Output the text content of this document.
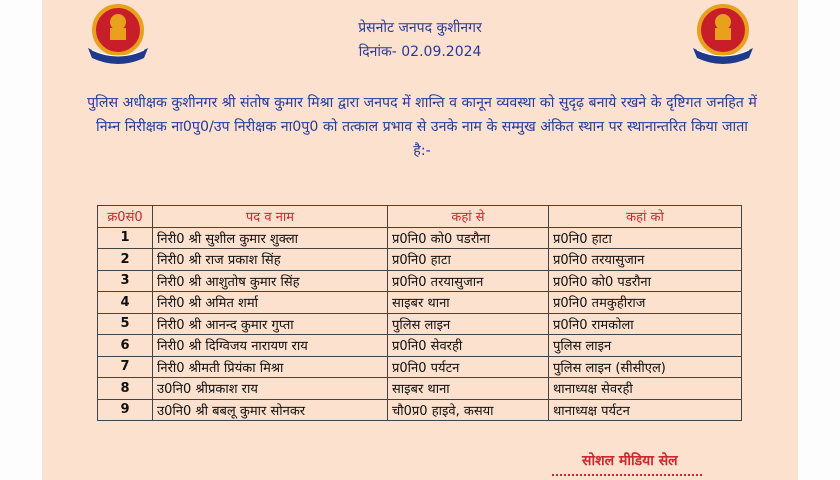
प्रेसनोट जनपद कुशीनगर
दिनांक- 02.09.2024
पुलिस अधीक्षक कुशीनगर श्री संतोष कुमार मिश्रा द्वारा जनपद में शान्ति व कानून व्यवस्था को सुदृढ़ बनाये रखने के दृष्टिगत जनहित में निम्न निरीक्षक ना0पु0/उप निरीक्षक ना0पु0 को तत्काल प्रभाव से उनके नाम के सम्मुख अंकित स्थान पर स्थानान्तरित किया जाता है:-
क्र0सं0	पद व नाम	कहां से	कहां को
1	निरी0 श्री सुशील कुमार शुक्ला	प्र0नि0 को0 पडरौना	प्र0नि0 हाटा
2	निरी0 श्री राज प्रकाश सिंह	प्र0नि0 हाटा	प्र0नि0 तरयासुजान
3	निरी0 श्री आशुतोष कुमार सिंह	प्र0नि0 तरयासुजान	प्र0नि0 को0 पडरौना
4	निरी0 श्री अमित शर्मा	साइबर थाना	प्र0नि0 तमकुहीराज
5	निरी0 श्री आनन्द कुमार गुप्ता	पुलिस लाइन	प्र0नि0 रामकोला
6	निरी0 श्री दिग्विजय नारायण राय	प्र0नि0 सेवरही	पुलिस लाइन
7	निरी0 श्रीमती प्रियंका मिश्रा	प्र0नि0 पर्यटन	पुलिस लाइन (सीसीएल)
8	उ0नि0 श्रीप्रकाश राय	साइबर थाना	थानाध्यक्ष सेवरही
9	उ0नि0 श्री बबलू कुमार सोनकर	चौ0प्र0 हाइवे, कसया	थानाध्यक्ष पर्यटन
सोशल मीडिया सेल
